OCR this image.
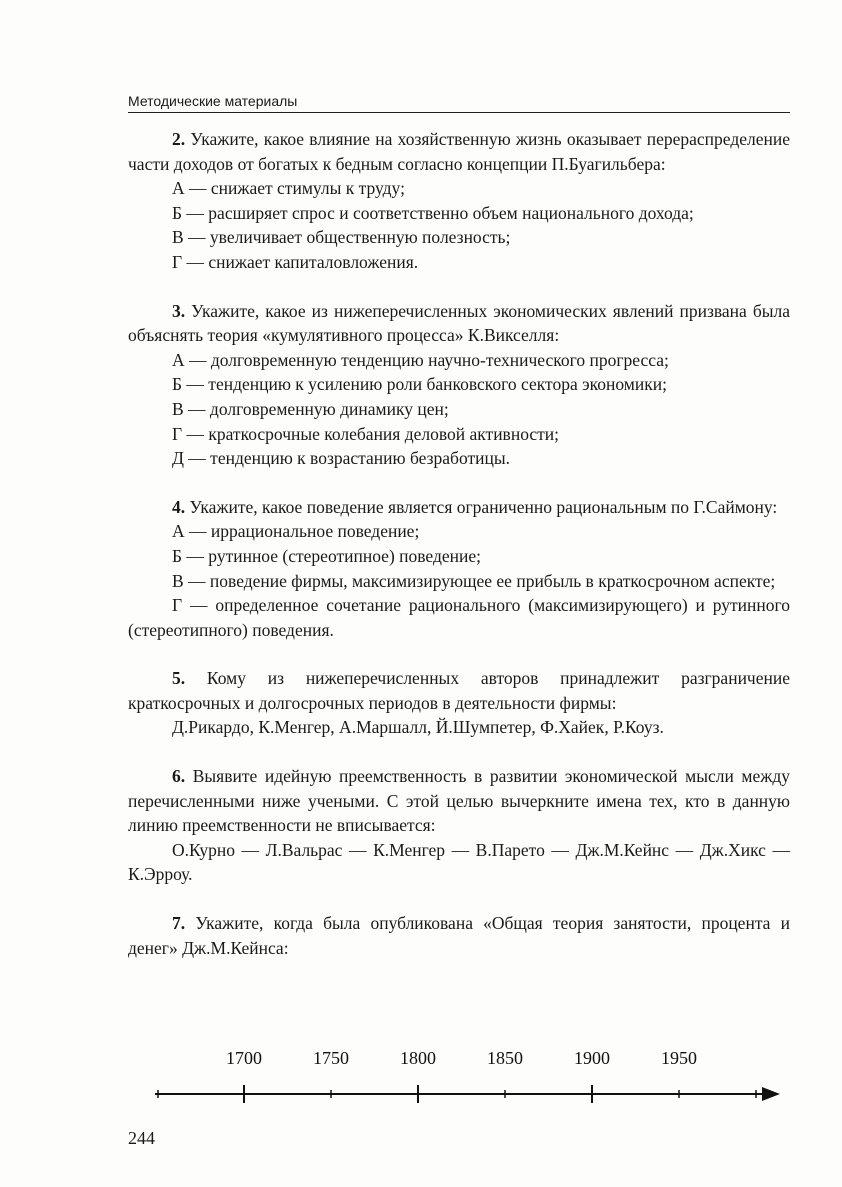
Методические материалы

2. Укажите, какое влияние на хозяйственную жизнь оказывает перераспределение части доходов от богатых к бедным согласно концепции П.Буагильбера:

А — снижает стимулы к труду;

Б — расширяет спрос и соответственно объем национального дохода;

В — увеличивает общественную полезность;

Г — снижает капиталовложения.

3. Укажите, какое из нижеперечисленных экономических явлений призвана была объяснять теория «кумулятивного процесса» К.Викселля:

А — долговременную тенденцию научно-технического прогресса;

Б — тенденцию к усилению роли банковского сектора экономики;

В — долговременную динамику цен;

Г — краткосрочные колебания деловой активности;

Д — тенденцию к возрастанию безработицы.

4. Укажите, какое поведение является ограниченно рациональным по Г.Саймону:

А — иррациональное поведение;

Б — рутинное (стереотипное) поведение;

В — поведение фирмы, максимизирующее ее прибыль в краткосрочном аспекте;

Г — определенное сочетание рационального (максимизирующего) и рутинного (стереотипного) поведения.

5. Кому из нижеперечисленных авторов принадлежит разграничение краткосрочных и долгосрочных периодов в деятельности фирмы:

Д.Рикардо, К.Менгер, А.Маршалл, Й.Шумпетер, Ф.Хайек, Р.Коуз.

6. Выявите идейную преемственность в развитии экономической мысли между перечисленными ниже учеными. С этой целью вычеркните имена тех, кто в данную линию преемственности не вписывается:

О.Курно — Л.Вальрас — К.Менгер — В.Парето — Дж.М.Кейнс — Дж.Хикс — К.Эрроу.

7. Укажите, когда была опубликована «Общая теория занятости, процента и денег» Дж.М.Кейнса:

1700	1750	1800	1850	1900	1950
244
